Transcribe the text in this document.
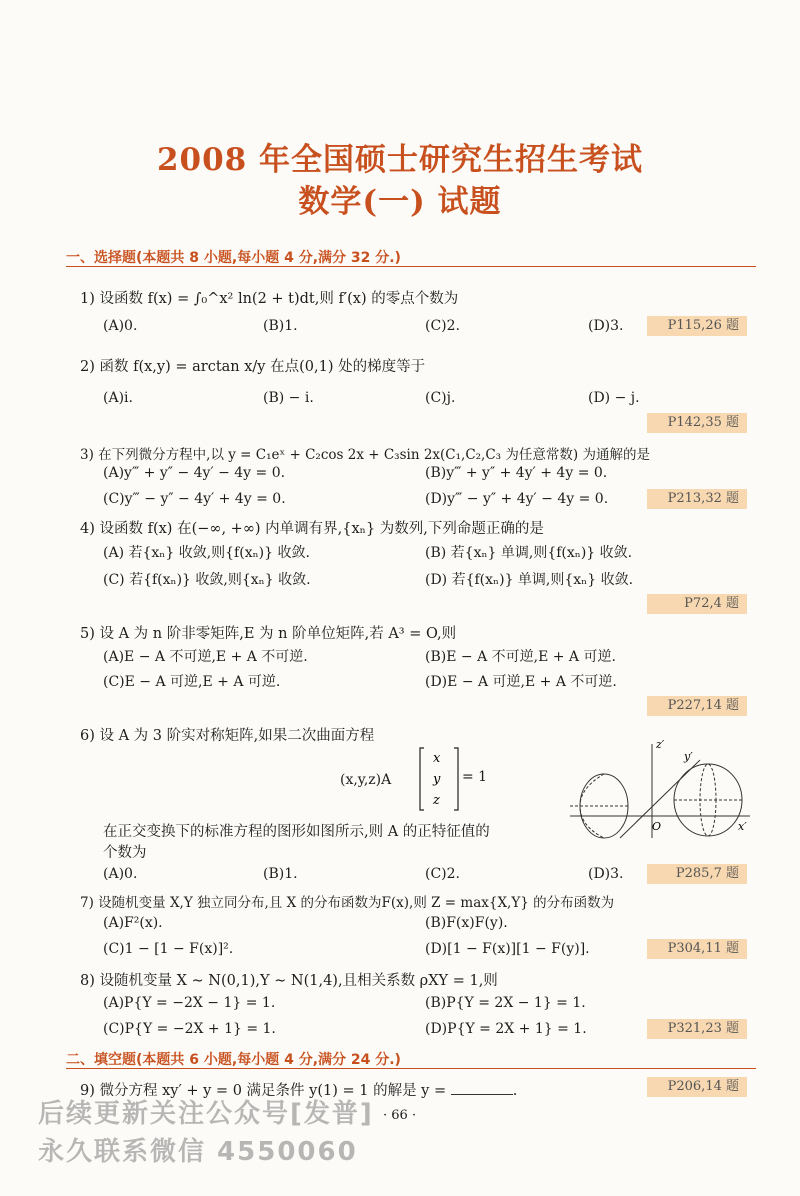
2008 年全国硕士研究生招生考试
数学(一) 试题
一、选择题(本题共 8 小题,每小题 4 分,满分 32 分.)
1) 设函数 f(x) = ∫₀^x² ln(2 + t)dt,则 f′(x) 的零点个数为
(A)0.	(B)1.	(C)2.	(D)3.	P115,26 题
2) 函数 f(x,y) = arctan x/y 在点(0,1) 处的梯度等于
(A)i.	(B) − i.	(C)j.	(D) − j.
P142,35 题
3) 在下列微分方程中,以 y = C₁eˣ + C₂cos 2x + C₃sin 2x(C₁,C₂,C₃ 为任意常数) 为通解的是
(A)y‴ + y″ − 4y′ − 4y = 0.	(B)y‴ + y″ + 4y′ + 4y = 0.
(C)y‴ − y″ − 4y′ + 4y = 0.	(D)y‴ − y″ + 4y′ − 4y = 0.	P213,32 题
4) 设函数 f(x) 在(−∞, +∞) 内单调有界,{xₙ} 为数列,下列命题正确的是
(A) 若{xₙ} 收敛,则{f(xₙ)} 收敛.	(B) 若{xₙ} 单调,则{f(xₙ)} 收敛.
(C) 若{f(xₙ)} 收敛,则{xₙ} 收敛.	(D) 若{f(xₙ)} 单调,则{xₙ} 收敛.
P72,4 题
5) 设 A 为 n 阶非零矩阵,E 为 n 阶单位矩阵,若 A³ = O,则
(A)E − A 不可逆,E + A 不可逆.	(B)E − A 不可逆,E + A 可逆.
(C)E − A 可逆,E + A 可逆.	(D)E − A 可逆,E + A 不可逆.
P227,14 题
6) 设 A 为 3 阶实对称矩阵,如果二次曲面方程
(x,y,z)A
x
y
z
= 1
在正交变换下的标准方程的图形如图所示,则 A 的正特征值的
个数为
z′
y′
x′
O
(A)0.	(B)1.	(C)2.	(D)3.	P285,7 题
7) 设随机变量 X,Y 独立同分布,且 X 的分布函数为F(x),则 Z = max{X,Y} 的分布函数为
(A)F²(x).	(B)F(x)F(y).
(C)1 − [1 − F(x)]².	(D)[1 − F(x)][1 − F(y)].	P304,11 题
8) 设随机变量 X ∼ N(0,1),Y ∼ N(1,4),且相关系数 ρXY = 1,则
(A)P{Y = −2X − 1} = 1.	(B)P{Y = 2X − 1} = 1.
(C)P{Y = −2X + 1} = 1.	(D)P{Y = 2X + 1} = 1.	P321,23 题
二、填空题(本题共 6 小题,每小题 4 分,满分 24 分.)
9) 微分方程 xy′ + y = 0 满足条件 y(1) = 1 的解是 y =	.	P206,14 题
· 66 ·
后续更新关注公众号[发普]
永久联系微信 4550060
